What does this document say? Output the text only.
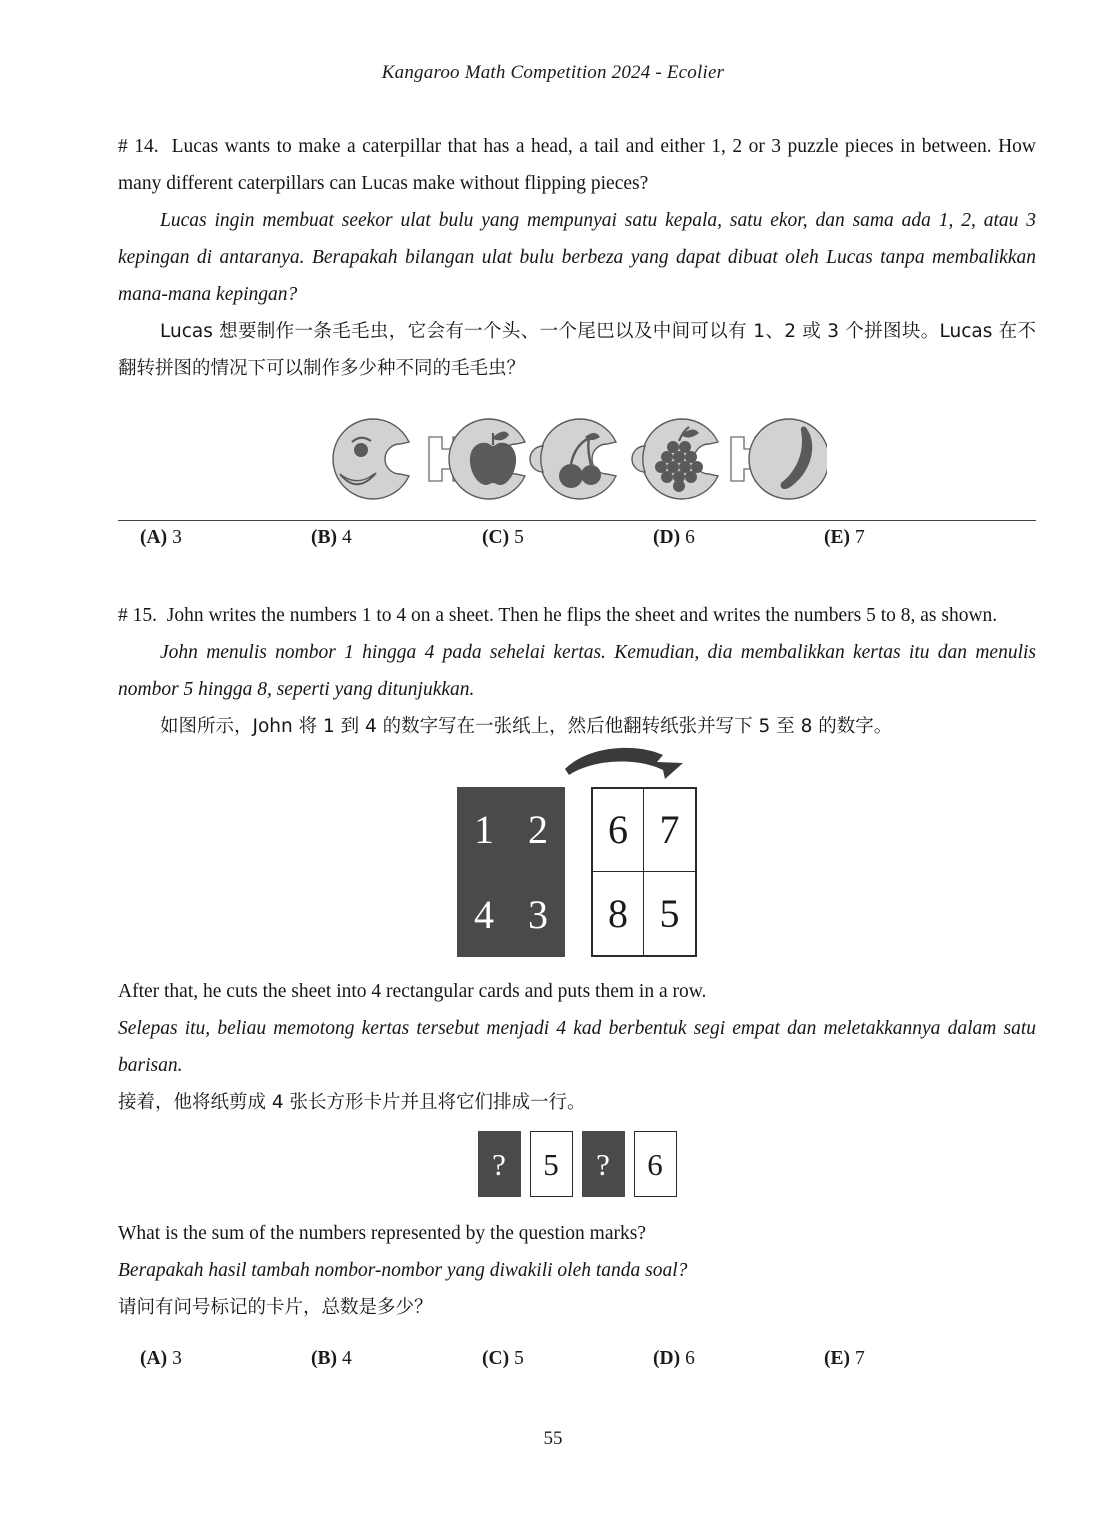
Kangaroo Math Competition 2024 - Ecolier
# 14. Lucas wants to make a caterpillar that has a head, a tail and either 1, 2 or 3 puzzle pieces in between. How many different caterpillars can Lucas make without flipping pieces?
Lucas ingin membuat seekor ulat bulu yang mempunyai satu kepala, satu ekor, dan sama ada 1, 2, atau 3 kepingan di antaranya. Berapakah bilangan ulat bulu berbeza yang dapat dibuat oleh Lucas tanpa membalikkan mana-mana kepingan?
Lucas 想要制作一条毛毛虫，它会有一个头、一个尾巴以及中间可以有 1、2 或 3 个拼图块。Lucas 在不翻转拼图的情况下可以制作多少种不同的毛毛虫？
(A) 3	(B) 4	(C) 5	(D) 6	(E) 7
# 15. John writes the numbers 1 to 4 on a sheet. Then he flips the sheet and writes the numbers 5 to 8, as shown.
John menulis nombor 1 hingga 4 pada sehelai kertas. Kemudian, dia membalikkan kertas itu dan menulis nombor 5 hingga 8, seperti yang ditunjukkan.
如图所示，John 将 1 到 4 的数字写在一张纸上，然后他翻转纸张并写下 5 至 8 的数字。
1 2
4 3
6 7
8 5
After that, he cuts the sheet into 4 rectangular cards and puts them in a row.
Selepas itu, beliau memotong kertas tersebut menjadi 4 kad berbentuk segi empat dan meletakkannya dalam satu barisan.
接着，他将纸剪成 4 张长方形卡片并且将它们排成一行。
?	5	?	6
What is the sum of the numbers represented by the question marks?
Berapakah hasil tambah nombor-nombor yang diwakili oleh tanda soal?
请问有问号标记的卡片，总数是多少？
(A) 3	(B) 4	(C) 5	(D) 6	(E) 7
55
